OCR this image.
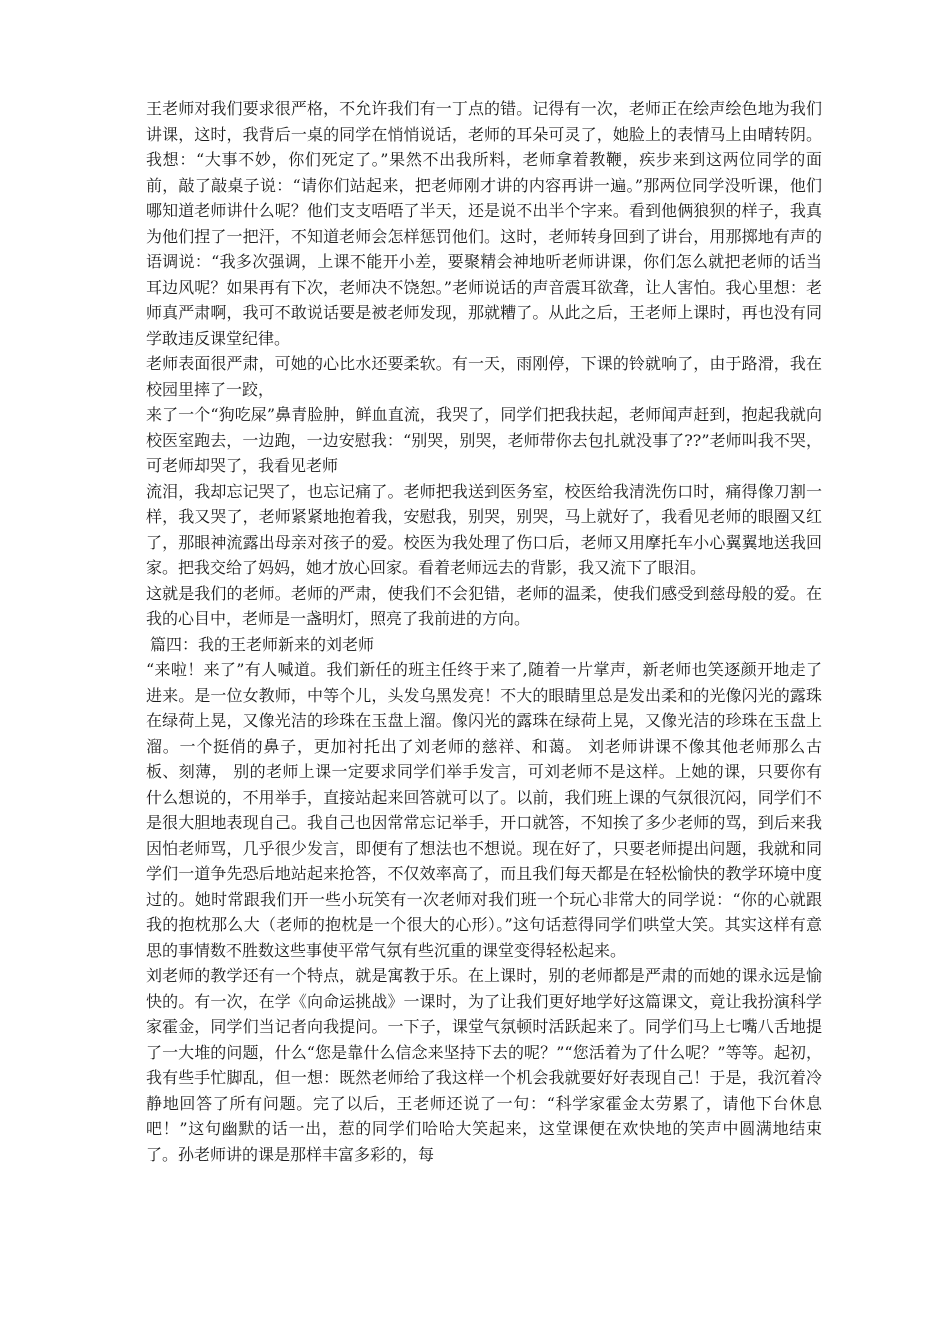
王老师对我们要求很严格，不允许我们有一丁点的错。记得有一次，老师正在绘声绘色地为我们讲课，这时，我背后一桌的同学在悄悄说话，老师的耳朵可灵了，她脸上的表情马上由晴转阴。我想：“大事不妙，你们死定了。”果然不出我所料，老师拿着教鞭，疾步来到这两位同学的面前，敲了敲桌子说：“请你们站起来，把老师刚才讲的内容再讲一遍。”那两位同学没听课，他们哪知道老师讲什么呢？他们支支唔唔了半天，还是说不出半个字来。看到他俩狼狈的样子，我真为他们捏了一把汗，不知道老师会怎样惩罚他们。这时，老师转身回到了讲台，用那掷地有声的语调说：“我多次强调，上课不能开小差，要聚精会神地听老师讲课，你们怎么就把老师的话当耳边风呢？如果再有下次，老师决不饶恕。”老师说话的声音震耳欲聋，让人害怕。我心里想：老师真严肃啊，我可不敢说话要是被老师发现，那就糟了。从此之后，王老师上课时，再也没有同学敢违反课堂纪律。

老师表面很严肃，可她的心比水还要柔软。有一天，雨刚停，下课的铃就响了，由于路滑，我在校园里摔了一跤，

来了一个“狗吃屎”鼻青脸肿，鲜血直流，我哭了，同学们把我扶起，老师闻声赶到，抱起我就向校医室跑去，一边跑，一边安慰我：“别哭，别哭，老师带你去包扎就没事了??”老师叫我不哭，可老师却哭了，我看见老师

流泪，我却忘记哭了，也忘记痛了。老师把我送到医务室，校医给我清洗伤口时，痛得像刀割一样，我又哭了，老师紧紧地抱着我，安慰我，别哭，别哭，马上就好了，我看见老师的眼圈又红了，那眼神流露出母亲对孩子的爱。校医为我处理了伤口后，老师又用摩托车小心翼翼地送我回家。把我交给了妈妈，她才放心回家。看着老师远去的背影，我又流下了眼泪。

这就是我们的老师。老师的严肃，使我们不会犯错，老师的温柔，使我们感受到慈母般的爱。在我的心目中，老师是一盏明灯，照亮了我前进的方向。

篇四：我的王老师新来的刘老师

“来啦！来了”有人喊道。我们新任的班主任终于来了,随着一片掌声，新老师也笑逐颜开地走了进来。是一位女教师，中等个儿，头发乌黑发亮！不大的眼睛里总是发出柔和的光像闪光的露珠在绿荷上晃，又像光洁的珍珠在玉盘上溜。像闪光的露珠在绿荷上晃，又像光洁的珍珠在玉盘上溜。一个挺俏的鼻子，更加衬托出了刘老师的慈祥、和蔼。 刘老师讲课不像其他老师那么古板、刻薄， 别的老师上课一定要求同学们举手发言，可刘老师不是这样。上她的课，只要你有什么想说的，不用举手，直接站起来回答就可以了。以前，我们班上课的气氛很沉闷，同学们不是很大胆地表现自己。我自己也因常常忘记举手，开口就答，不知挨了多少老师的骂，到后来我因怕老师骂，几乎很少发言，即便有了想法也不想说。现在好了，只要老师提出问题，我就和同学们一道争先恐后地站起来抢答，不仅效率高了，而且我们每天都是在轻松愉快的教学环境中度过的。她时常跟我们开一些小玩笑有一次老师对我们班一个玩心非常大的同学说：“你的心就跟我的抱枕那么大（老师的抱枕是一个很大的心形）。”这句话惹得同学们哄堂大笑。其实这样有意思的事情数不胜数这些事使平常气氛有些沉重的课堂变得轻松起来。

刘老师的教学还有一个特点，就是寓教于乐。在上课时，别的老师都是严肃的而她的课永远是愉快的。有一次，在学《向命运挑战》一课时，为了让我们更好地学好这篇课文，竟让我扮演科学家霍金，同学们当记者向我提问。一下子，课堂气氛顿时活跃起来了。同学们马上七嘴八舌地提了一大堆的问题，什么“您是靠什么信念来坚持下去的呢？”“您活着为了什么呢？”等等。起初，我有些手忙脚乱，但一想：既然老师给了我这样一个机会我就要好好表现自己！于是，我沉着冷静地回答了所有问题。完了以后，王老师还说了一句：“科学家霍金太劳累了，请他下台休息吧！”这句幽默的话一出，惹的同学们哈哈大笑起来，这堂课便在欢快地的笑声中圆满地结束了。孙老师讲的课是那样丰富多彩的，每
